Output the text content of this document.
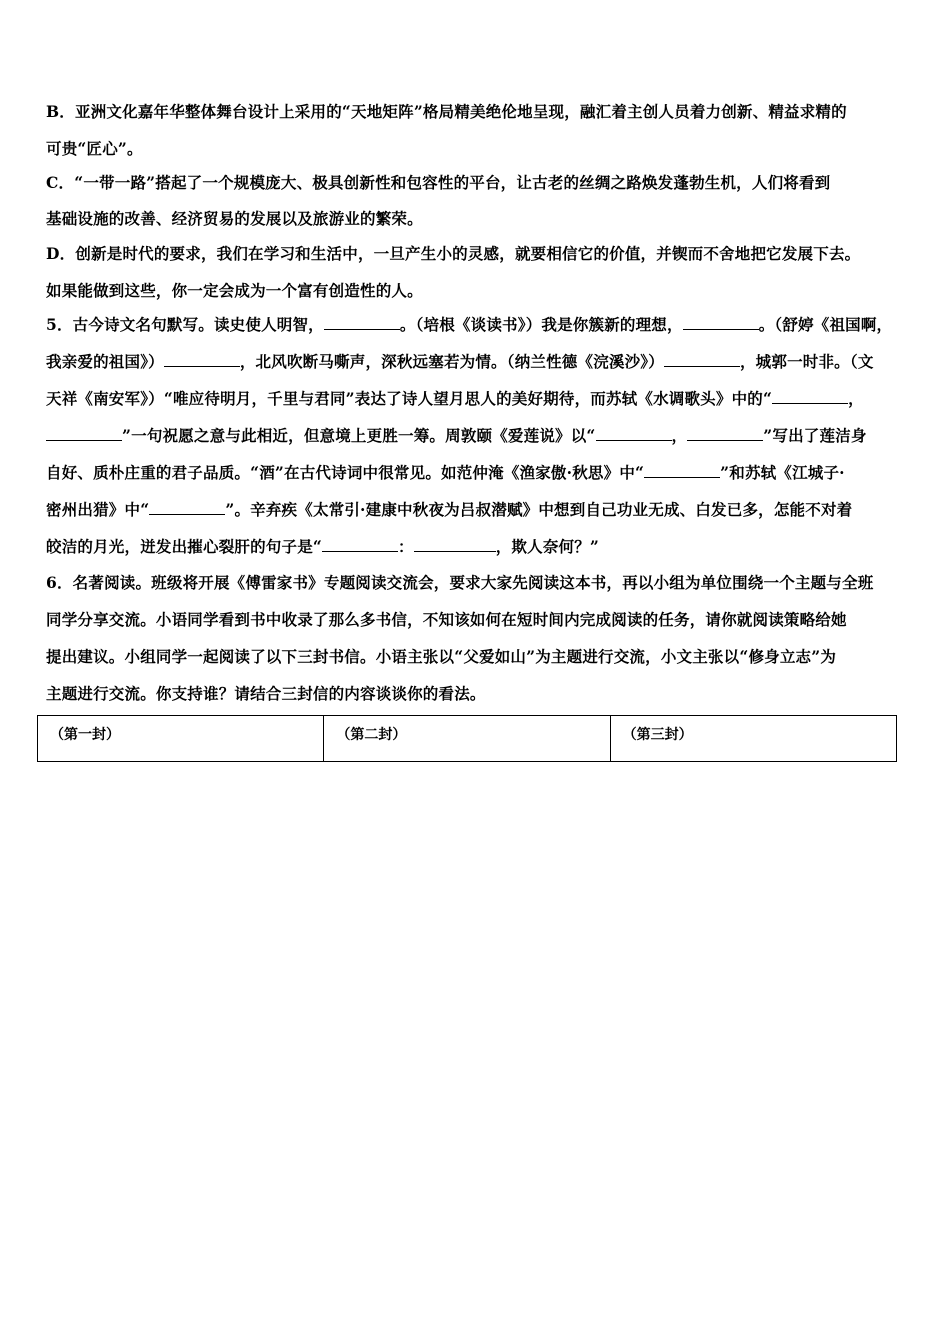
B．亚洲文化嘉年华整体舞台设计上采用的“天地矩阵”格局精美绝伦地呈现，融汇着主创人员着力创新、精益求精的
可贵“匠心”。
C．“一带一路”搭起了一个规模庞大、极具创新性和包容性的平台，让古老的丝绸之路焕发蓬勃生机，人们将看到
基础设施的改善、经济贸易的发展以及旅游业的繁荣。
D．创新是时代的要求，我们在学习和生活中，一旦产生小的灵感，就要相信它的价值，并锲而不舍地把它发展下去。
如果能做到这些，你一定会成为一个富有创造性的人。
5．古今诗文名句默写。读史使人明智，	。（培根《谈读书》）我是你簇新的理想，	。（舒婷《祖国啊，
我亲爱的祖国》）	，北风吹断马嘶声，深秋远塞若为情。（纳兰性德《浣溪沙》）	，城郭一时非。（文
天祥《南安军》）“唯应待明月，千里与君同”表达了诗人望月思人的美好期待，而苏轼《水调歌头》中的“	，
”一句祝愿之意与此相近，但意境上更胜一筹。周敦颐《爱莲说》以“	，	”写出了莲洁身
自好、质朴庄重的君子品质。“酒”在古代诗词中很常见。如范仲淹《渔家傲·秋思》中“	”和苏轼《江城子·
密州出猎》中“	”。辛弃疾《太常引·建康中秋夜为吕叔潜赋》中想到自己功业无成、白发已多，怎能不对着
皎洁的月光，迸发出摧心裂肝的句子是“	：	，欺人奈何？”
6．名著阅读。班级将开展《傅雷家书》专题阅读交流会，要求大家先阅读这本书，再以小组为单位围绕一个主题与全班
同学分享交流。小语同学看到书中收录了那么多书信，不知该如何在短时间内完成阅读的任务，请你就阅读策略给她
提出建议。小组同学一起阅读了以下三封书信。小语主张以“父爱如山”为主题进行交流，小文主张以“修身立志”为
主题进行交流。你支持谁？请结合三封信的内容谈谈你的看法。
（第一封）	（第二封）	（第三封）
